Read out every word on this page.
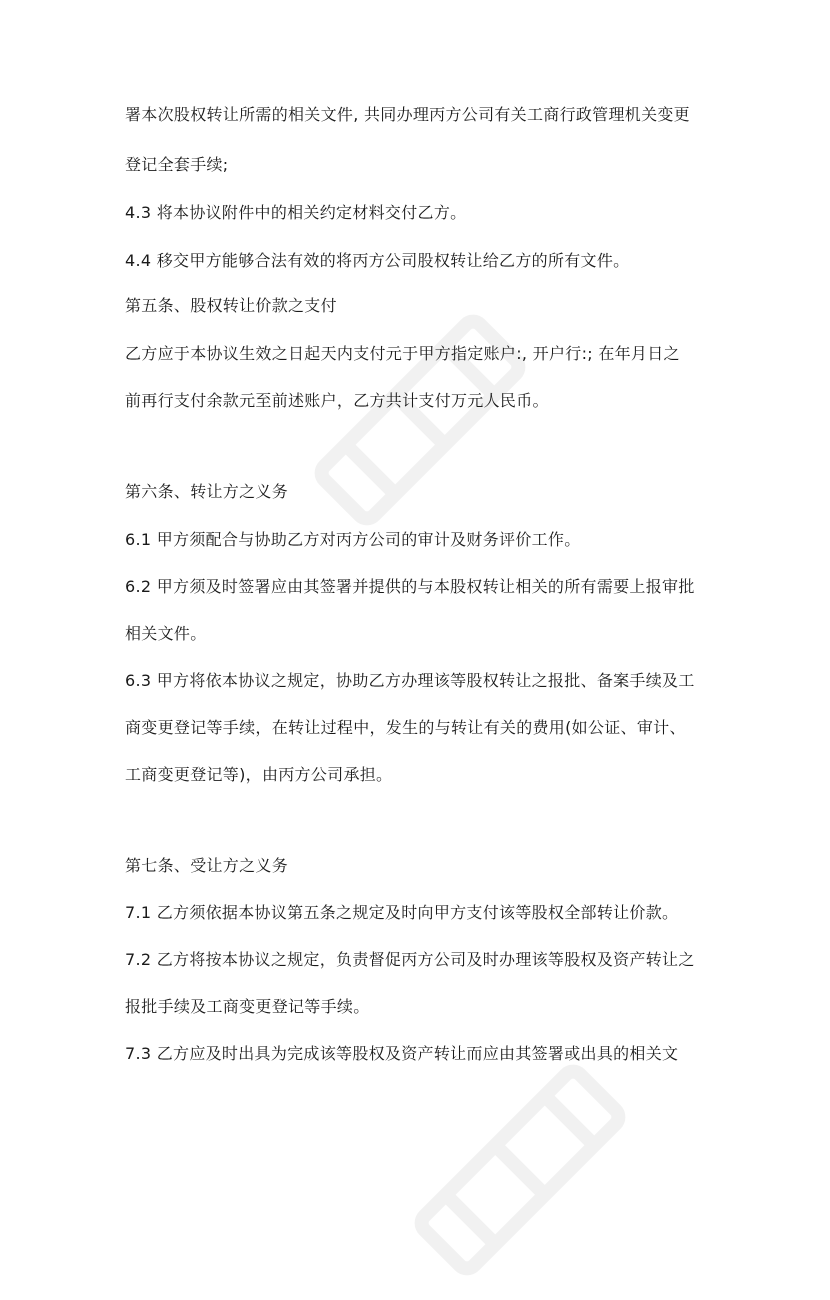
署本次股权转让所需的相关文件, 共同办理丙方公司有关工商行政管理机关变更
登记全套手续;
4.3 将本协议附件中的相关约定材料交付乙方。
4.4 移交甲方能够合法有效的将丙方公司股权转让给乙方的所有文件。
第五条、股权转让价款之支付
乙方应于本协议生效之日起天内支付元于甲方指定账户:, 开户行:; 在年月日之
前再行支付余款元至前述账户，乙方共计支付万元人民币。
第六条、转让方之义务
6.1 甲方须配合与协助乙方对丙方公司的审计及财务评价工作。
6.2 甲方须及时签署应由其签署并提供的与本股权转让相关的所有需要上报审批
相关文件。
6.3 甲方将依本协议之规定，协助乙方办理该等股权转让之报批、备案手续及工
商变更登记等手续，在转让过程中，发生的与转让有关的费用(如公证、审计、
工商变更登记等)，由丙方公司承担。
第七条、受让方之义务
7.1 乙方须依据本协议第五条之规定及时向甲方支付该等股权全部转让价款。
7.2 乙方将按本协议之规定，负责督促丙方公司及时办理该等股权及资产转让之
报批手续及工商变更登记等手续。
7.3 乙方应及时出具为完成该等股权及资产转让而应由其签署或出具的相关文
